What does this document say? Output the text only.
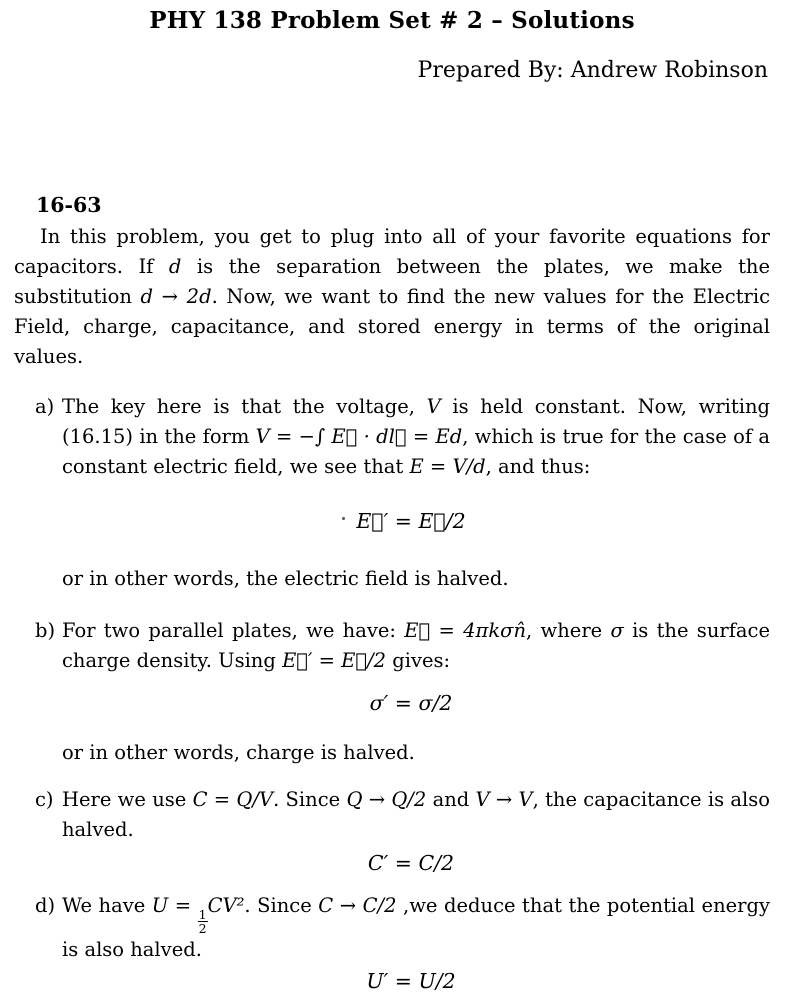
PHY 138 Problem Set # 2 – Solutions
Prepared By: Andrew Robinson
16-63
In this problem, you get to plug into all of your favorite equations for capacitors. If d is the separation between the plates, we make the substitution d → 2d. Now, we want to find the new values for the Electric Field, charge, capacitance, and stored energy in terms of the original values.
a) The key here is that the voltage, V is held constant. Now, writing (16.15) in the form V = −∫ E⃗ · dl⃗ = Ed, which is true for the case of a constant electric field, we see that E = V/d, and thus:
E⃗′ = E⃗/2
or in other words, the electric field is halved.
b) For two parallel plates, we have: E⃗ = 4πkσn̂, where σ is the surface charge density. Using E⃗′ = E⃗/2 gives:
σ′ = σ/2
or in other words, charge is halved.
c) Here we use C = Q/V. Since Q → Q/2 and V → V, the capacitance is also halved.
C′ = C/2
d) We have U =
$\frac{1}{2}$
CV². Since C → C/2 ,we deduce that the potential energy is also halved.
U′ = U/2
